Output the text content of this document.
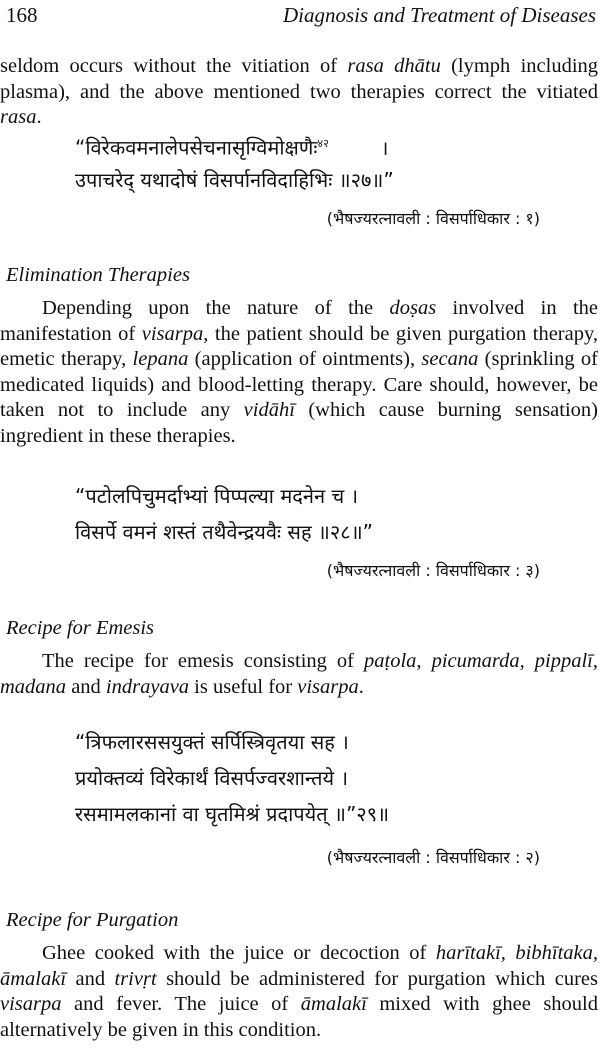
168	Diagnosis and Treatment of Diseases

seldom occurs without the vitiation of rasa dhātu (lymph including plasma), and the above mentioned two therapies correct the vitiated rasa.

“विरेकवमनालेपसेचनासृग्विमोक्षणैः$^{४२}$	।
उपाचरेद् यथादोषं विसर्पानविदाहिभिः ॥२७॥”
(भैषज्यरत्नावली : विसर्पाधिकार : १)
Elimination Therapies

Depending upon the nature of the doṣas involved in the manifestation of visarpa, the patient should be given purgation therapy, emetic therapy, lepana (application of ointments), secana (sprinkling of medicated liquids) and blood-letting therapy. Care should, however, be taken not to include any vidāhī (which cause burning sensation) ingredient in these therapies.

“पटोलपिचुमर्दाभ्यां पिप्पल्या मदनेन च ।
विसर्पे वमनं शस्तं तथैवेन्द्रयवैः सह ॥२८॥”
(भैषज्यरत्नावली : विसर्पाधिकार : ३)
Recipe for Emesis

The recipe for emesis consisting of paṭola, picumarda, pippalī, madana and indrayava is useful for visarpa.

“त्रिफलारससयुक्तं सर्पिस्त्रिवृतया सह ।
प्रयोक्तव्यं विरेकार्थं विसर्पज्वरशान्तये ।
रसमामलकानां वा घृतमिश्रं प्रदापयेत् ॥”२९॥
(भैषज्यरत्नावली : विसर्पाधिकार : २)
Recipe for Purgation

Ghee cooked with the juice or decoction of harītakī, bibhītaka, āmalakī and trivṛt should be administered for purgation which cures visarpa and fever. The juice of āmalakī mixed with ghee should alternatively be given in this condition.
